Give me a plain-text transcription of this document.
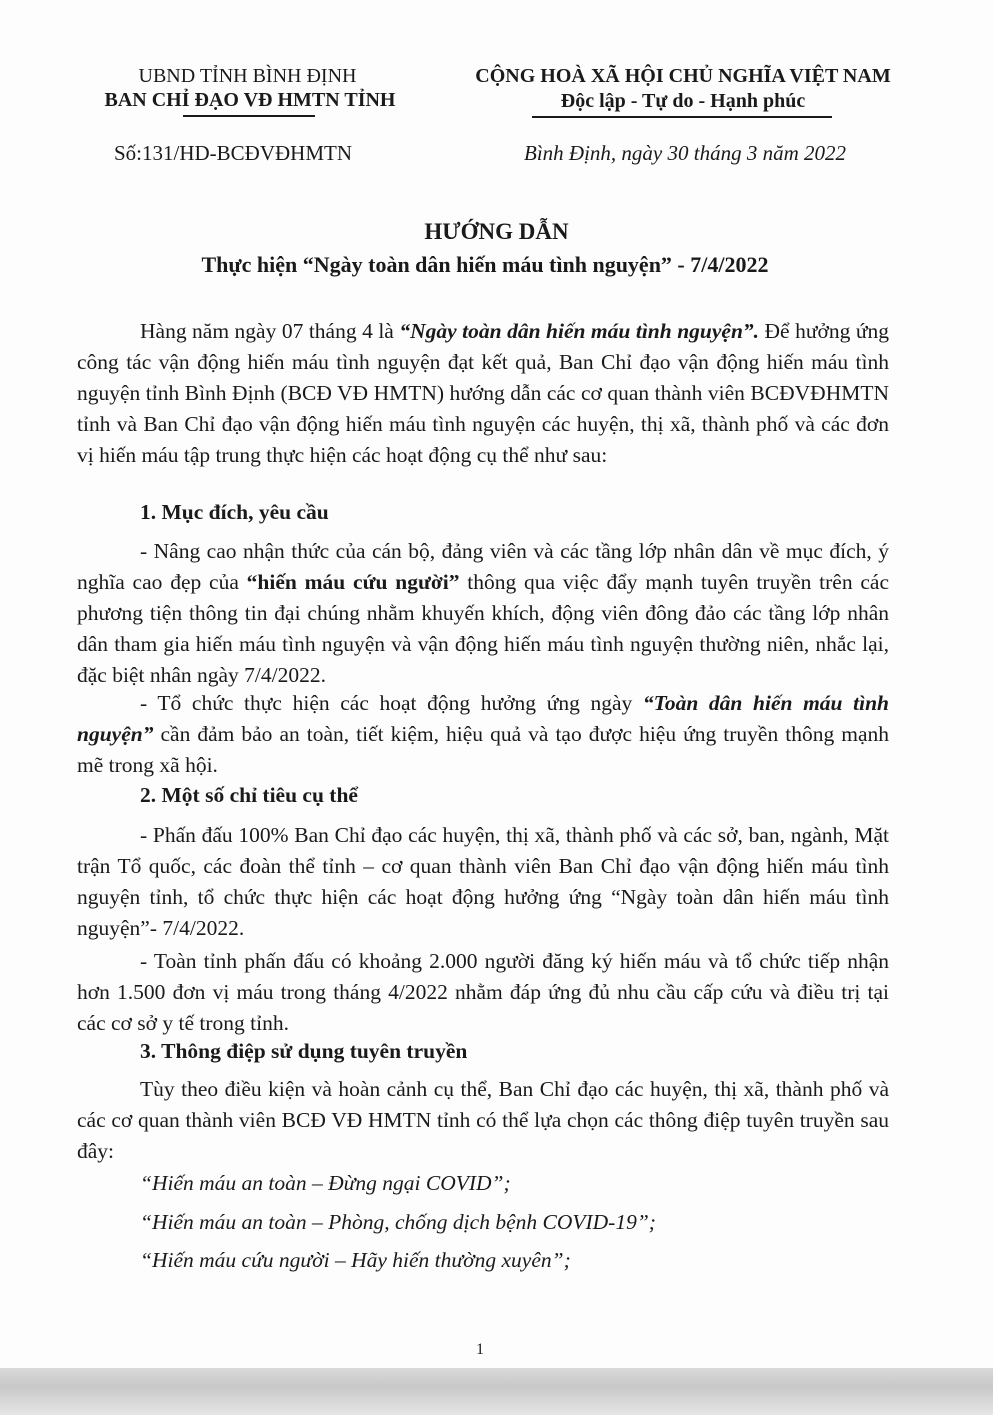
UBND TỈNH BÌNH ĐỊNH
BAN CHỈ ĐẠO VĐ HMTN TỈNH
Số:131/HD-BCĐVĐHMTN
CỘNG HOÀ XÃ HỘI CHỦ NGHĨA VIỆT NAM
Độc lập - Tự do - Hạnh phúc
Bình Định, ngày 30 tháng 3 năm 2022
HƯỚNG DẪN
Thực hiện “Ngày toàn dân hiến máu tình nguyện” - 7/4/2022
Hàng năm ngày 07 tháng 4 là “Ngày toàn dân hiến máu tình nguyện”. Để hưởng ứng công tác vận động hiến máu tình nguyện đạt kết quả, Ban Chỉ đạo vận động hiến máu tình nguyện tỉnh Bình Định (BCĐ VĐ HMTN) hướng dẫn các cơ quan thành viên BCĐVĐHMTN tỉnh và Ban Chỉ đạo vận động hiến máu tình nguyện các huyện, thị xã, thành phố và các đơn vị hiến máu tập trung thực hiện các hoạt động cụ thể như sau:
1. Mục đích, yêu cầu
- Nâng cao nhận thức của cán bộ, đảng viên và các tầng lớp nhân dân về mục đích, ý nghĩa cao đẹp của “hiến máu cứu người” thông qua việc đẩy mạnh tuyên truyền trên các phương tiện thông tin đại chúng nhằm khuyến khích, động viên đông đảo các tầng lớp nhân dân tham gia hiến máu tình nguyện và vận động hiến máu tình nguyện thường niên, nhắc lại, đặc biệt nhân ngày 7/4/2022.
- Tổ chức thực hiện các hoạt động hưởng ứng ngày “Toàn dân hiến máu tình nguyện” cần đảm bảo an toàn, tiết kiệm, hiệu quả và tạo được hiệu ứng truyền thông mạnh mẽ trong xã hội.
2. Một số chỉ tiêu cụ thể
- Phấn đấu 100% Ban Chỉ đạo các huyện, thị xã, thành phố và các sở, ban, ngành, Mặt trận Tổ quốc, các đoàn thể tỉnh – cơ quan thành viên Ban Chỉ đạo vận động hiến máu tình nguyện tỉnh, tổ chức thực hiện các hoạt động hưởng ứng “Ngày toàn dân hiến máu tình nguyện”- 7/4/2022.
- Toàn tỉnh phấn đấu có khoảng 2.000 người đăng ký hiến máu và tổ chức tiếp nhận hơn 1.500 đơn vị máu trong tháng 4/2022 nhằm đáp ứng đủ nhu cầu cấp cứu và điều trị tại các cơ sở y tế trong tỉnh.
3. Thông điệp sử dụng tuyên truyền
Tùy theo điều kiện và hoàn cảnh cụ thể, Ban Chỉ đạo các huyện, thị xã, thành phố và các cơ quan thành viên BCĐ VĐ HMTN tỉnh có thể lựa chọn các thông điệp tuyên truyền sau đây:
“Hiến máu an toàn – Đừng ngại COVID”;
“Hiến máu an toàn – Phòng, chống dịch bệnh COVID-19”;
“Hiến máu cứu người – Hãy hiến thường xuyên”;
1
